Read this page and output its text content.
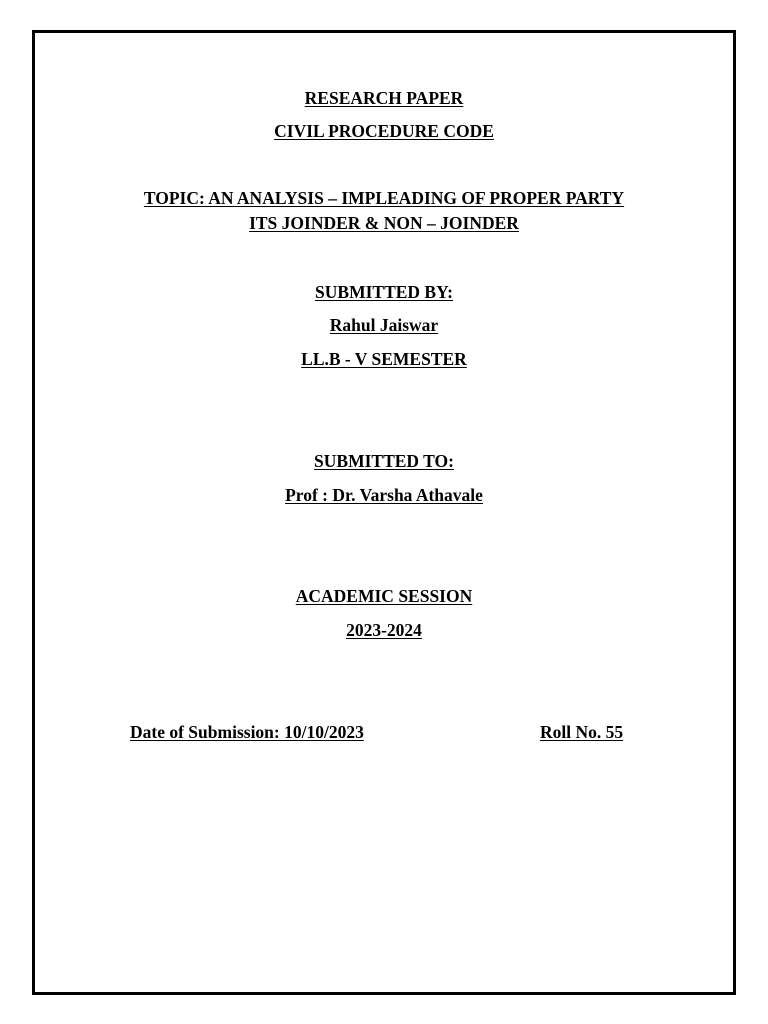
RESEARCH PAPER
CIVIL PROCEDURE CODE
TOPIC: AN ANALYSIS – IMPLEADING OF PROPER PARTY
ITS JOINDER & NON – JOINDER
SUBMITTED BY:
Rahul Jaiswar
LL.B - V SEMESTER
SUBMITTED TO:
Prof : Dr. Varsha Athavale
ACADEMIC SESSION
2023-2024
Date of Submission: 10/10/2023	Roll No. 55
